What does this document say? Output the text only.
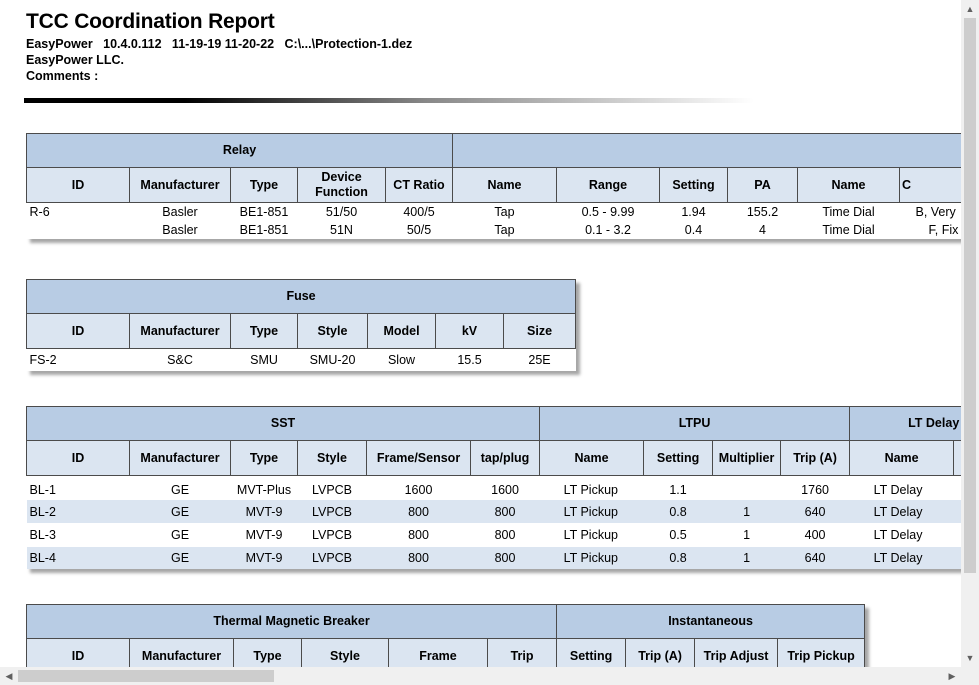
TCC Coordination Report
EasyPower   10.4.0.112   11-19-19 11-20-22   C:\...\Protection-1.dez
EasyPower LLC.
Comments :
Relay										
ID	Manufacturer	Type	Device Function	CT Ratio	Name	Range	Setting	PA	Name	C
R-6	Basler	BE1-851	51/50	400/5	Tap	0.5 - 9.99	1.94	155.2	Time Dial	B, Very
	Basler	BE1-851	51N	50/5	Tap	0.1 - 3.2	0.4	4	Time Dial	F, Fix
Fuse						
ID	Manufacturer	Type	Style	Model	kV	Size
FS-2	S&C	SMU	SMU-20	Slow	15.5	25E
SST						LTPU				LT Delay	
ID	Manufacturer	Type	Style	Frame/Sensor	tap/plug	Name	Setting	Multiplier	Trip (A)	Name	

BL-1	GE	MVT-Plus	LVPCB	1600	1600	LT Pickup	1.1		1760	LT Delay	
BL-2	GE	MVT-9	LVPCB	800	800	LT Pickup	0.8	1	640	LT Delay	
BL-3	GE	MVT-9	LVPCB	800	800	LT Pickup	0.5	1	400	LT Delay	
BL-4	GE	MVT-9	LVPCB	800	800	LT Pickup	0.8	1	640	LT Delay	
Thermal Magnetic Breaker						Instantaneous			
ID	Manufacturer	Type	Style	Frame	Trip	Setting	Trip (A)	Trip Adjust	Trip Pickup
▲
▼
◀	▶
